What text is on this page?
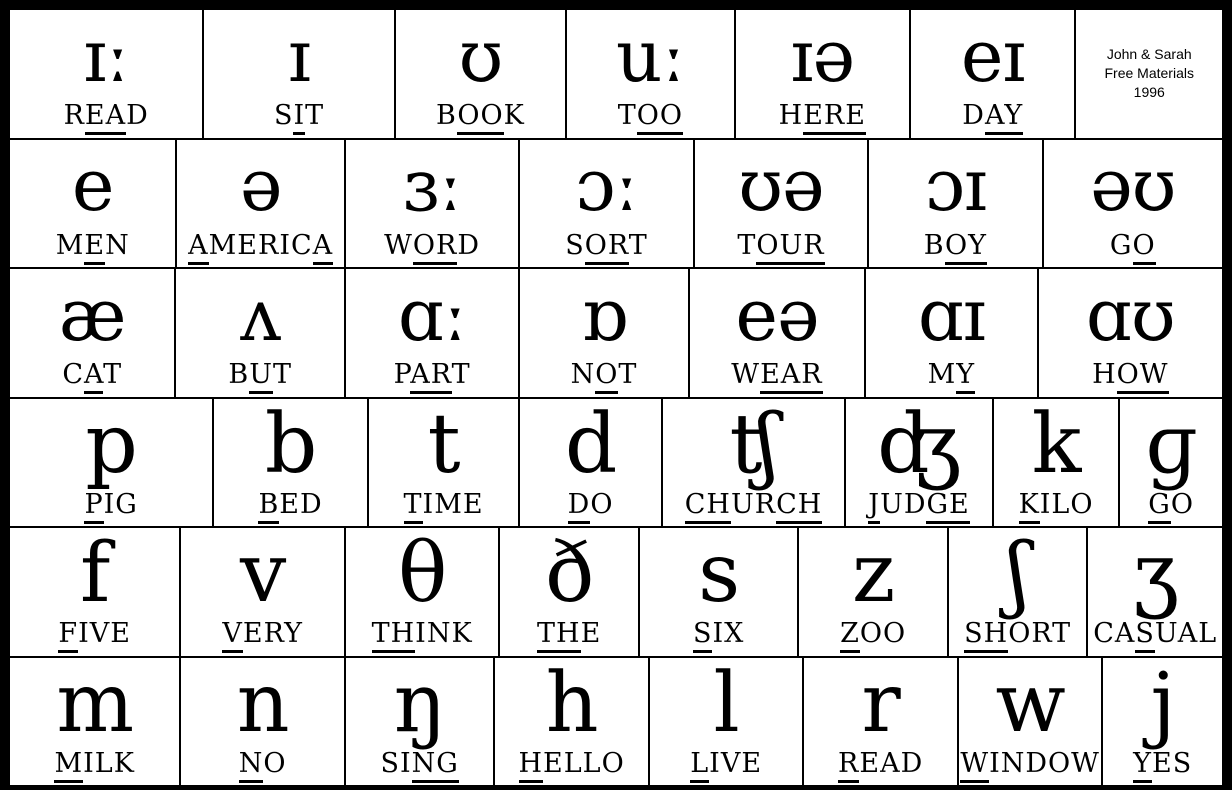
ɪː
READ
ɪ
SIT
ʊ
BOOK
uː
TOO
ɪə
HERE
eɪ
DAY
John & Sarah
Free Materials
1996
e
MEN
ə
AMERICA
ɜː
WORD
ɔː
SORT
ʊə
TOUR
ɔɪ
BOY
əʊ
GO
æ
CAT
ʌ
BUT
ɑː
PART
ɒ
NOT
eə
WEAR
ɑɪ
MY
ɑʊ
HOW
p
PIG
b
BED
t
TIME
d
DO
ʧ
CHURCH
ʤ
JUDGE
k
KILO
ɡ
GO
f
FIVE
v
VERY
θ
THINK
ð
THE
s
SIX
z
ZOO
ʃ
SHORT
ʒ
CASUAL
m
MILK
n
NO
ŋ
SING
h
HELLO
l
LIVE
r
READ
w
WINDOW
j
YES
